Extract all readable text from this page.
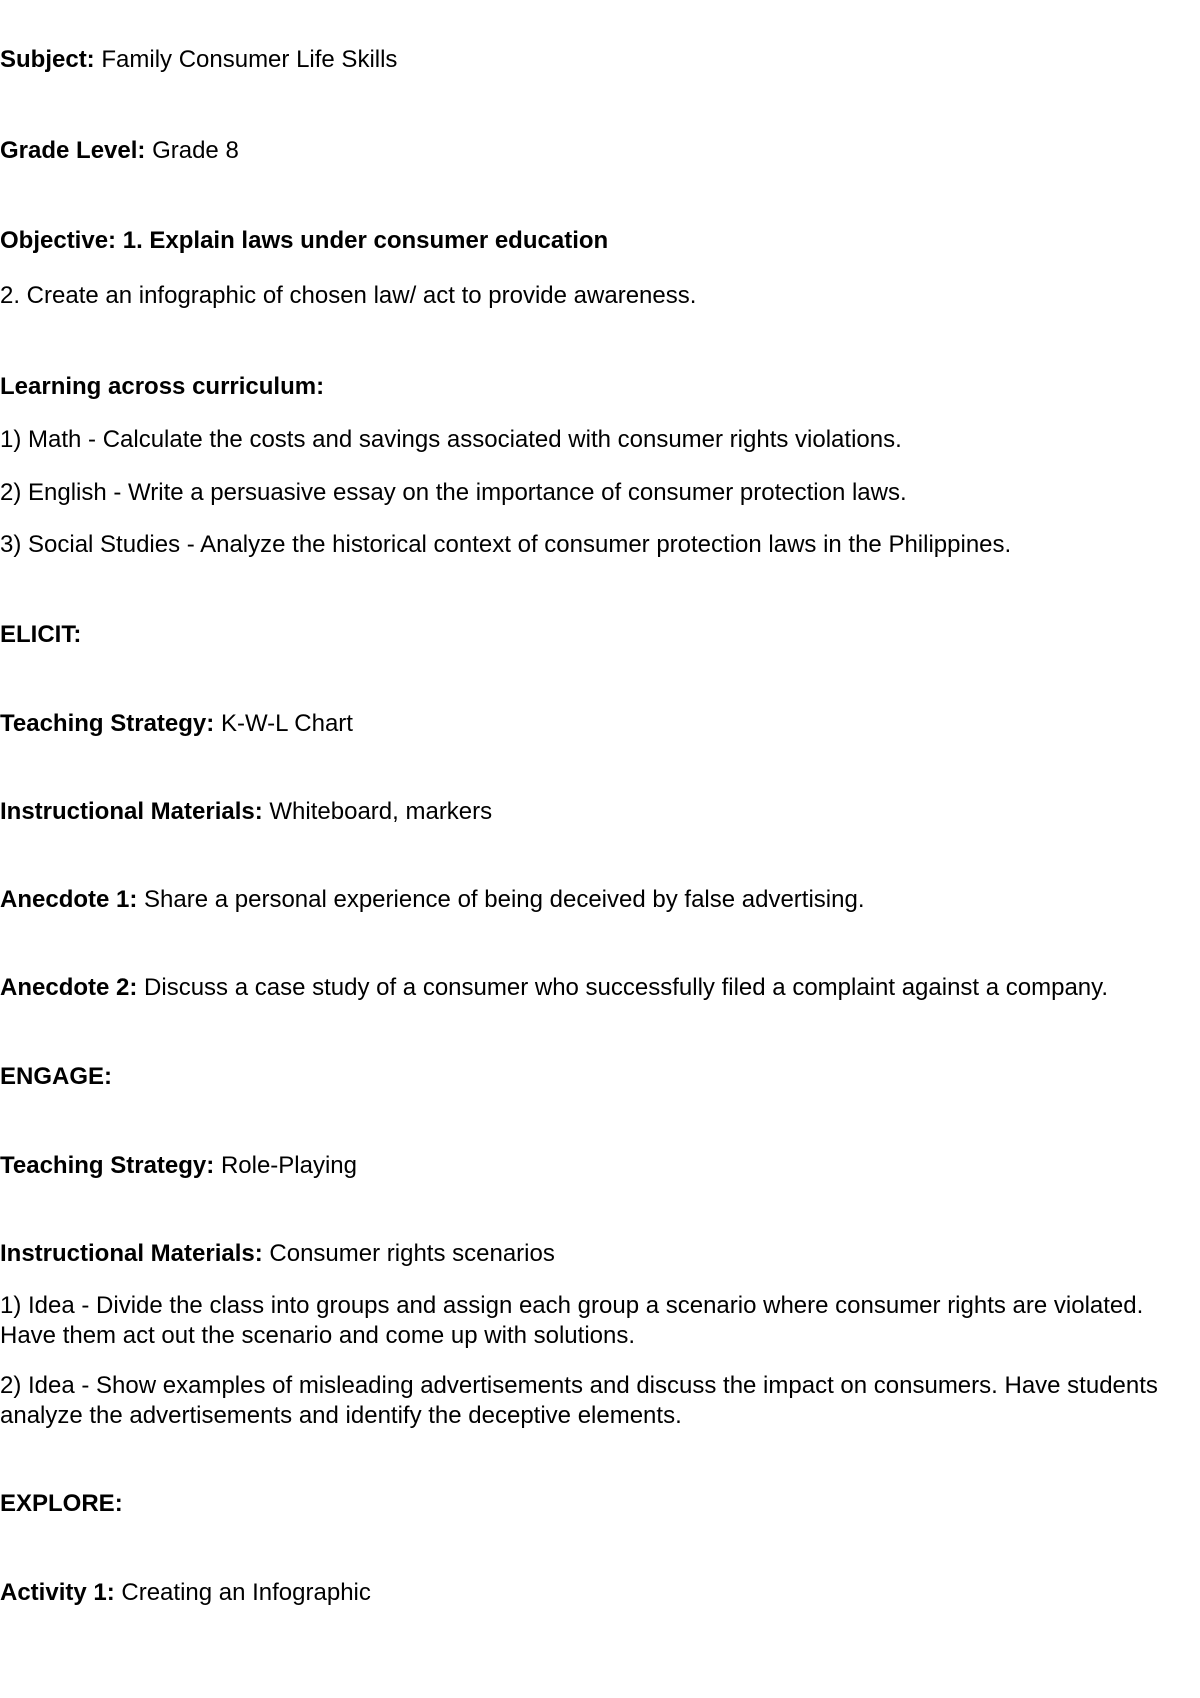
Subject: Family Consumer Life Skills

Grade Level: Grade 8

Objective: 1. Explain laws under consumer education

2. Create an infographic of chosen law/ act to provide awareness.

Learning across curriculum:

1) Math - Calculate the costs and savings associated with consumer rights violations.

2) English - Write a persuasive essay on the importance of consumer protection laws.

3) Social Studies - Analyze the historical context of consumer protection laws in the Philippines.

ELICIT:

Teaching Strategy: K-W-L Chart

Instructional Materials: Whiteboard, markers

Anecdote 1: Share a personal experience of being deceived by false advertising.

Anecdote 2: Discuss a case study of a consumer who successfully filed a complaint against a company.

ENGAGE:

Teaching Strategy: Role-Playing

Instructional Materials: Consumer rights scenarios

1) Idea - Divide the class into groups and assign each group a scenario where consumer rights are violated. Have them act out the scenario and come up with solutions.

2) Idea - Show examples of misleading advertisements and discuss the impact on consumers. Have students analyze the advertisements and identify the deceptive elements.

EXPLORE:

Activity 1: Creating an Infographic
